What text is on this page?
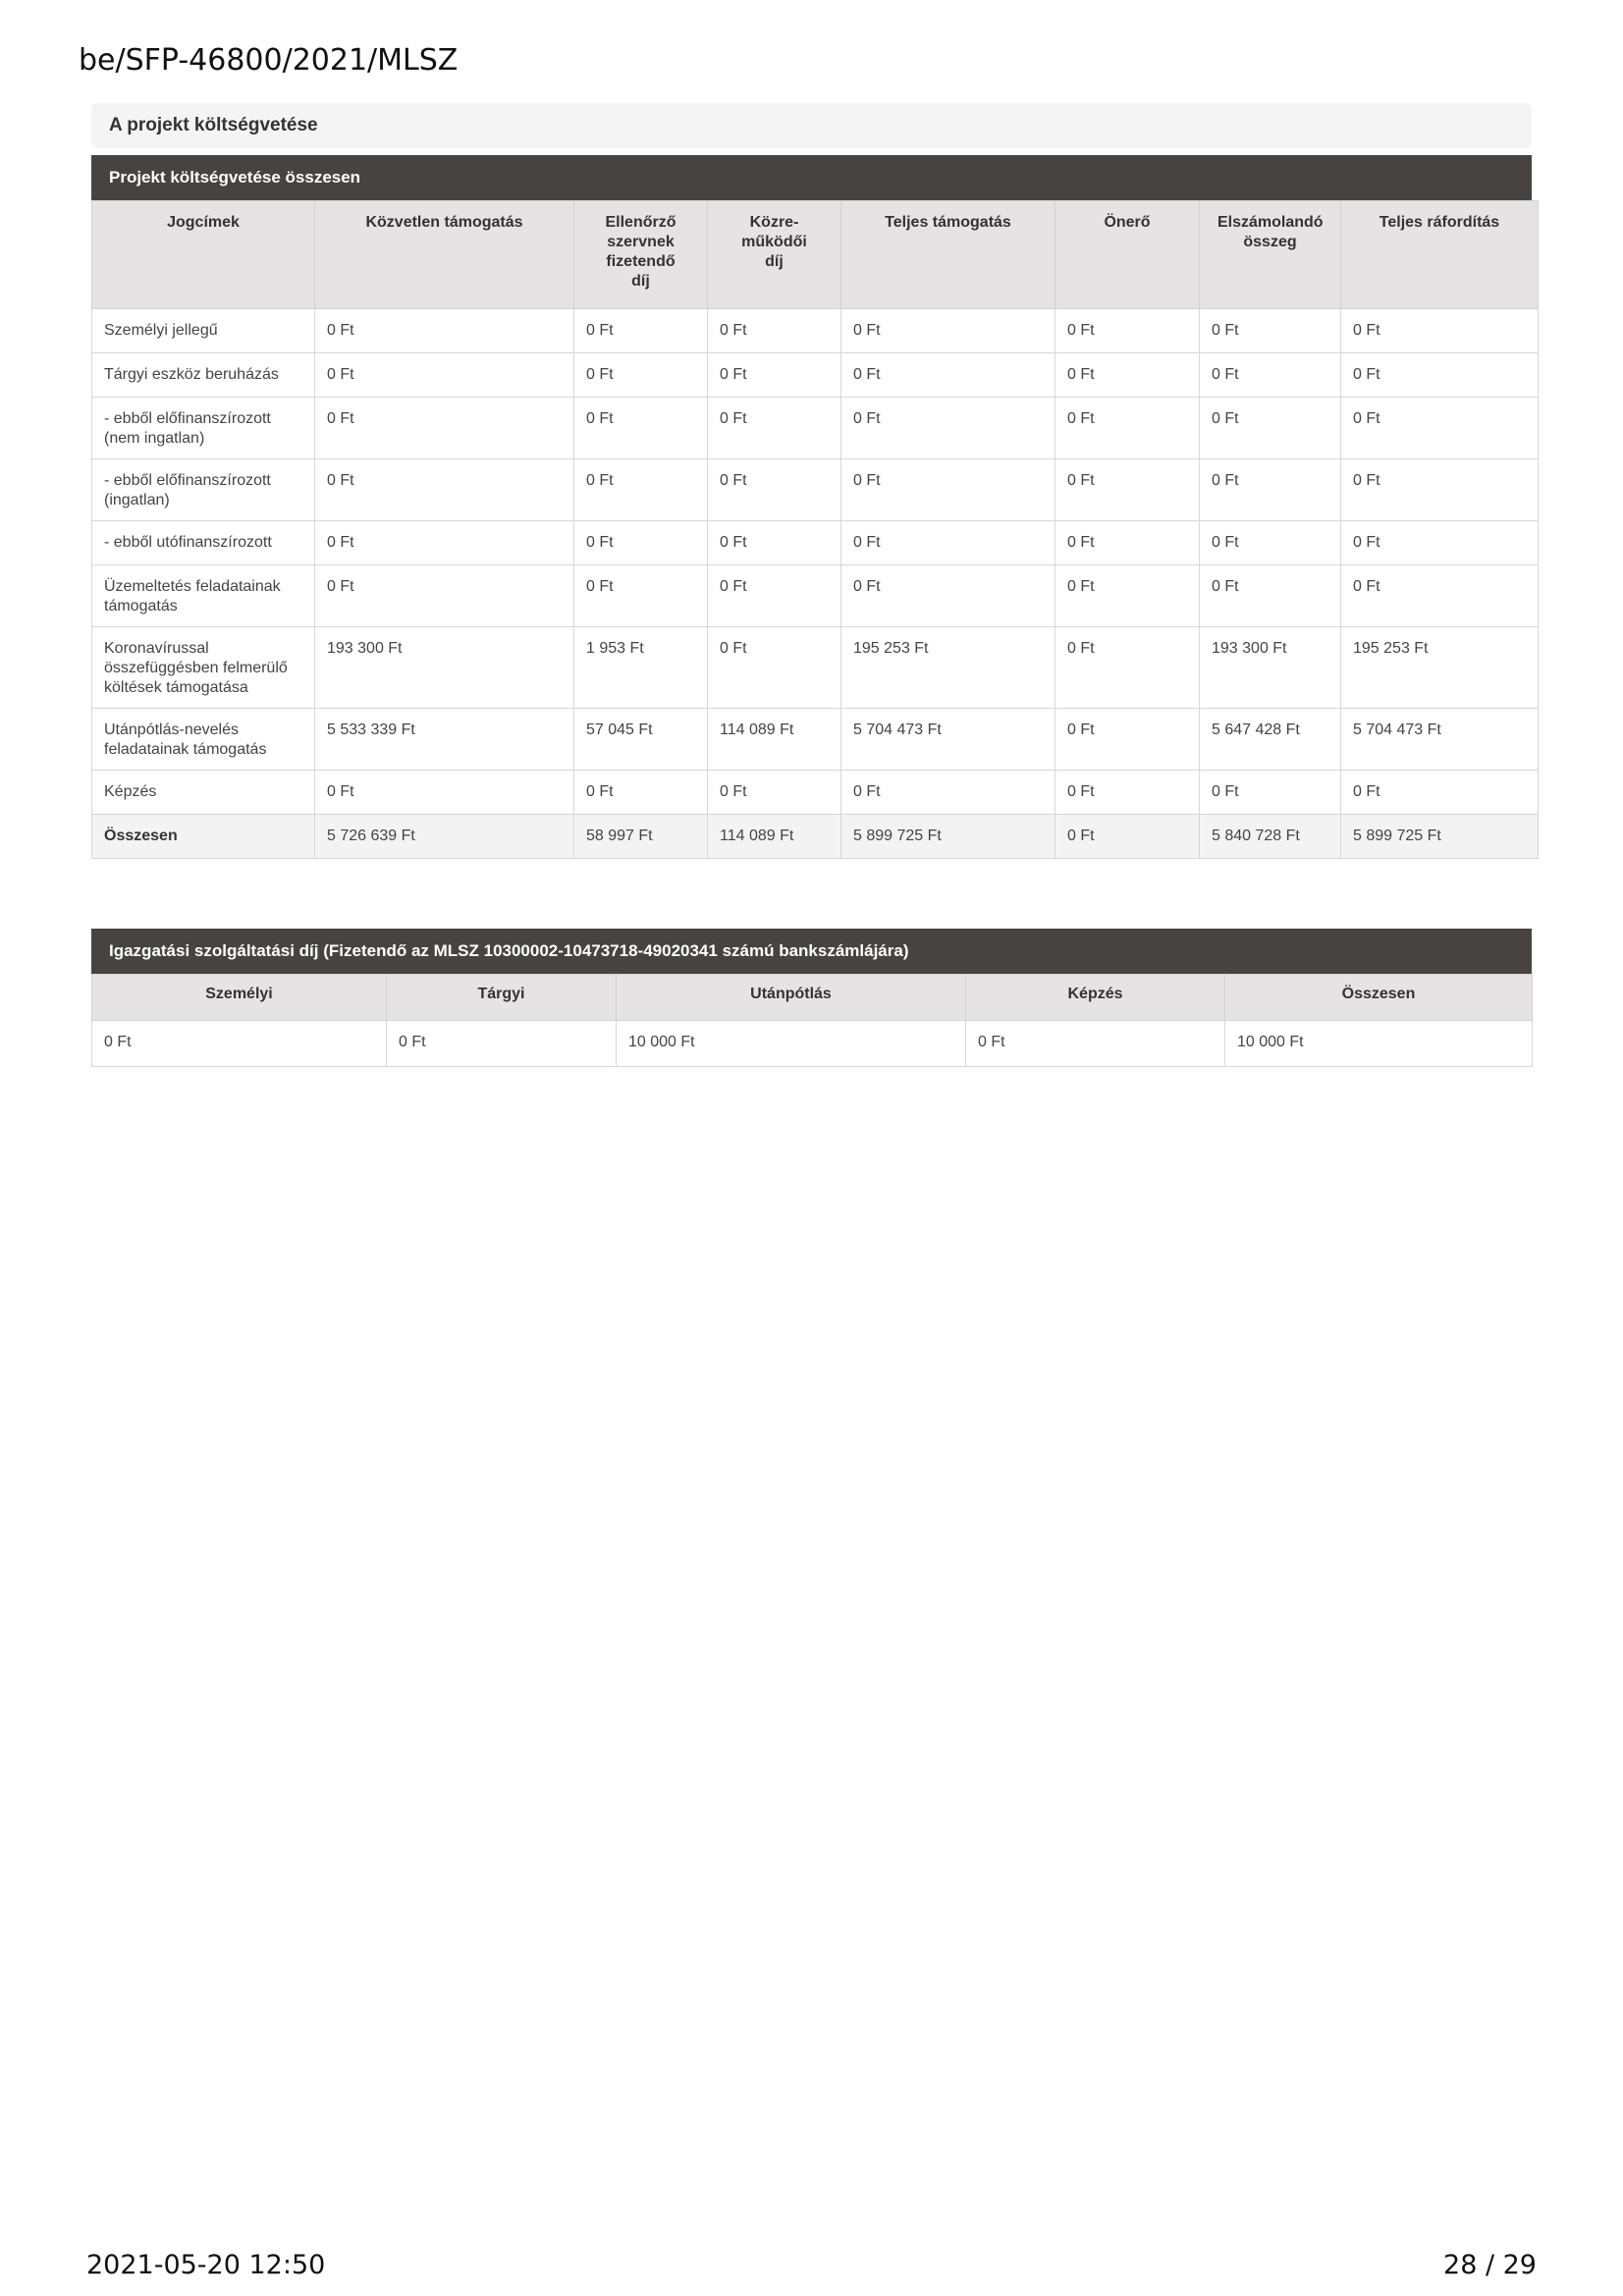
be/SFP-46800/2021/MLSZ
A projekt költségvetése
Projekt költségvetése összesen
Jogcímek	Közvetlen támogatás	Ellenőrző szervnek fizetendő díj	Közre-működői díj	Teljes támogatás	Önerő	Elszámolandó összeg	Teljes ráfordítás
Személyi jellegű	0 Ft	0 Ft	0 Ft	0 Ft	0 Ft	0 Ft	0 Ft
Tárgyi eszköz beruházás	0 Ft	0 Ft	0 Ft	0 Ft	0 Ft	0 Ft	0 Ft
- ebből előfinanszírozott (nem ingatlan)	0 Ft	0 Ft	0 Ft	0 Ft	0 Ft	0 Ft	0 Ft
- ebből előfinanszírozott (ingatlan)	0 Ft	0 Ft	0 Ft	0 Ft	0 Ft	0 Ft	0 Ft
- ebből utófinanszírozott	0 Ft	0 Ft	0 Ft	0 Ft	0 Ft	0 Ft	0 Ft
Üzemeltetés feladatainak támogatás	0 Ft	0 Ft	0 Ft	0 Ft	0 Ft	0 Ft	0 Ft
Koronavírussal összefüggésben felmerülő költések támogatása	193 300 Ft	1 953 Ft	0 Ft	195 253 Ft	0 Ft	193 300 Ft	195 253 Ft
Utánpótlás-nevelés feladatainak támogatás	5 533 339 Ft	57 045 Ft	114 089 Ft	5 704 473 Ft	0 Ft	5 647 428 Ft	5 704 473 Ft
Képzés	0 Ft	0 Ft	0 Ft	0 Ft	0 Ft	0 Ft	0 Ft
Összesen	5 726 639 Ft	58 997 Ft	114 089 Ft	5 899 725 Ft	0 Ft	5 840 728 Ft	5 899 725 Ft
Igazgatási szolgáltatási díj (Fizetendő az MLSZ 10300002-10473718-49020341 számú bankszámlájára)
Személyi	Tárgyi	Utánpótlás	Képzés	Összesen
0 Ft	0 Ft	10 000 Ft	0 Ft	10 000 Ft
2021-05-20 12:50	28 / 29
